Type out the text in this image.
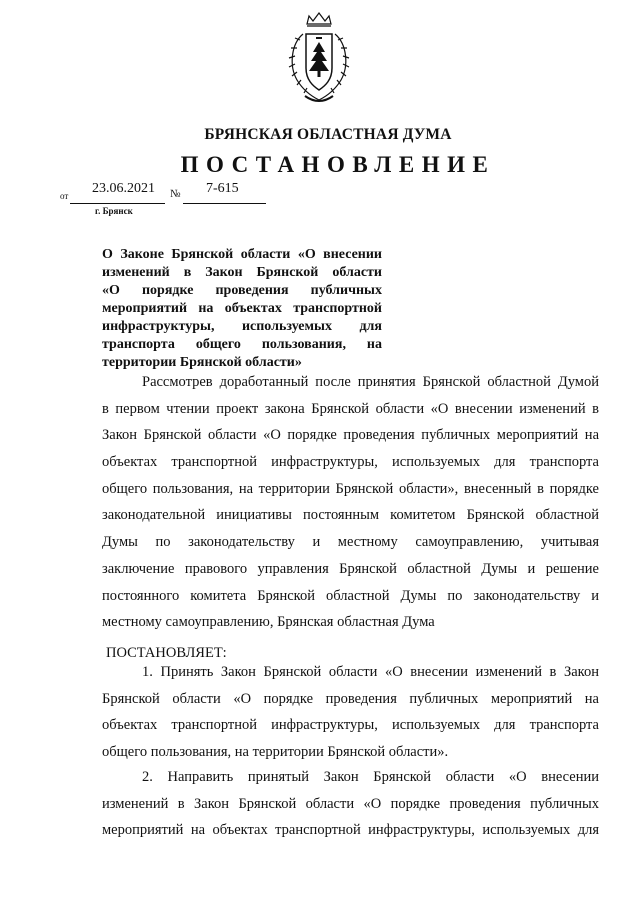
БРЯНСКАЯ ОБЛАСТНАЯ ДУМА
ПОСТАНОВЛЕНИЕ
от 23.06.2021 № 7-615
г. Брянск
О Законе Брянской области «О внесении
изменений в Закон Брянской области
«О порядке проведения публичных
мероприятий на объектах транспортной
инфраструктуры, используемых для
транспорта общего пользования, на
территории Брянской области»
Рассмотрев доработанный после принятия Брянской областной Думой
в первом чтении проект закона Брянской области «О внесении изменений в
Закон Брянской области «О порядке проведения публичных мероприятий на
объектах транспортной инфраструктуры, используемых для транспорта
общего пользования, на территории Брянской области», внесенный в порядке
законодательной инициативы постоянным комитетом Брянской областной
Думы по законодательству и местному самоуправлению, учитывая
заключение правового управления Брянской областной Думы и решение
постоянного комитета Брянской областной Думы по законодательству и
местному самоуправлению, Брянская областная Дума
ПОСТАНОВЛЯЕТ:
1. Принять Закон Брянской области «О внесении изменений в Закон
Брянской области «О порядке проведения публичных мероприятий на
объектах транспортной инфраструктуры, используемых для транспорта
общего пользования, на территории Брянской области».
2. Направить принятый Закон Брянской области «О внесении
изменений в Закон Брянской области «О порядке проведения публичных
мероприятий на объектах транспортной инфраструктуры, используемых для
